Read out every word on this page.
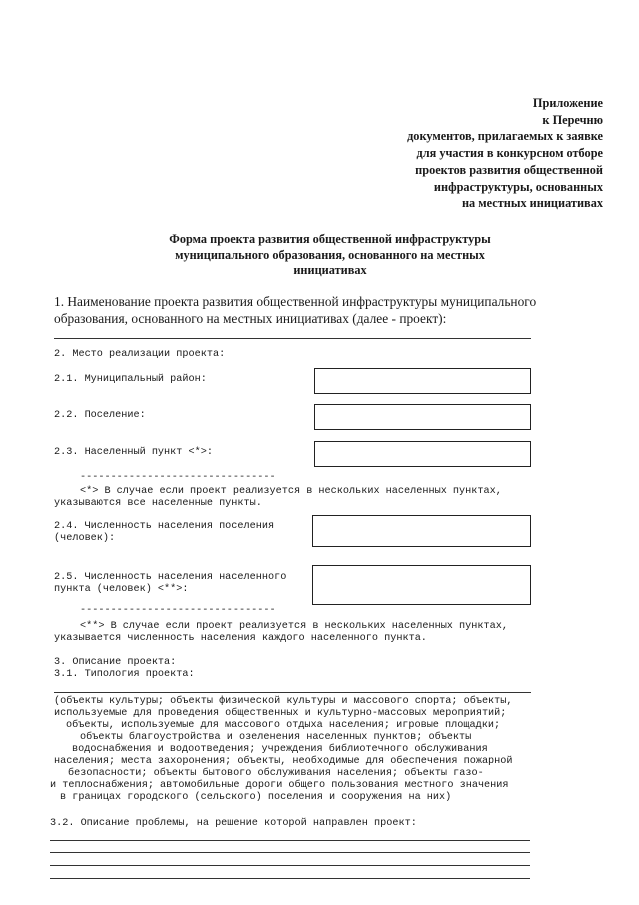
Приложение
к Перечню
документов, прилагаемых к заявке
для участия в конкурсном отборе
проектов развития общественной
инфраструктуры, основанных
на местных инициативах
Форма проекта развития общественной инфраструктуры
муниципального образования, основанного на местных
инициативах
1. Наименование проекта развития общественной инфраструктуры муниципального
образования, основанного на местных инициативах (далее - проект):
2. Место реализации проекта:
2.1. Муниципальный район:
2.2. Поселение:
2.3. Населенный пункт <*>:
--------------------------------
<*> В случае если проект реализуется в нескольких населенных пунктах,
указываются все населенные пункты.
2.4. Численность населения поселения
(человек):
2.5. Численность населения населенного
пункта (человек) <**>:
--------------------------------
<**> В случае если проект реализуется в нескольких населенных пунктах,
указывается численность населения каждого населенного пункта.
3. Описание проекта:
3.1. Типология проекта:
(объекты культуры; объекты физической культуры и массового спорта; объекты,
используемые для проведения общественных и культурно-массовых мероприятий;
объекты, используемые для массового отдыха населения; игровые площадки;
объекты благоустройства и озеленения населенных пунктов; объекты
водоснабжения и водоотведения; учреждения библиотечного обслуживания
населения; места захоронения; объекты, необходимые для обеспечения пожарной
безопасности; объекты бытового обслуживания населения; объекты газо-
и теплоснабжения; автомобильные дороги общего пользования местного значения
в границах городского (сельского) поселения и сооружения на них)
3.2. Описание проблемы, на решение которой направлен проект:
